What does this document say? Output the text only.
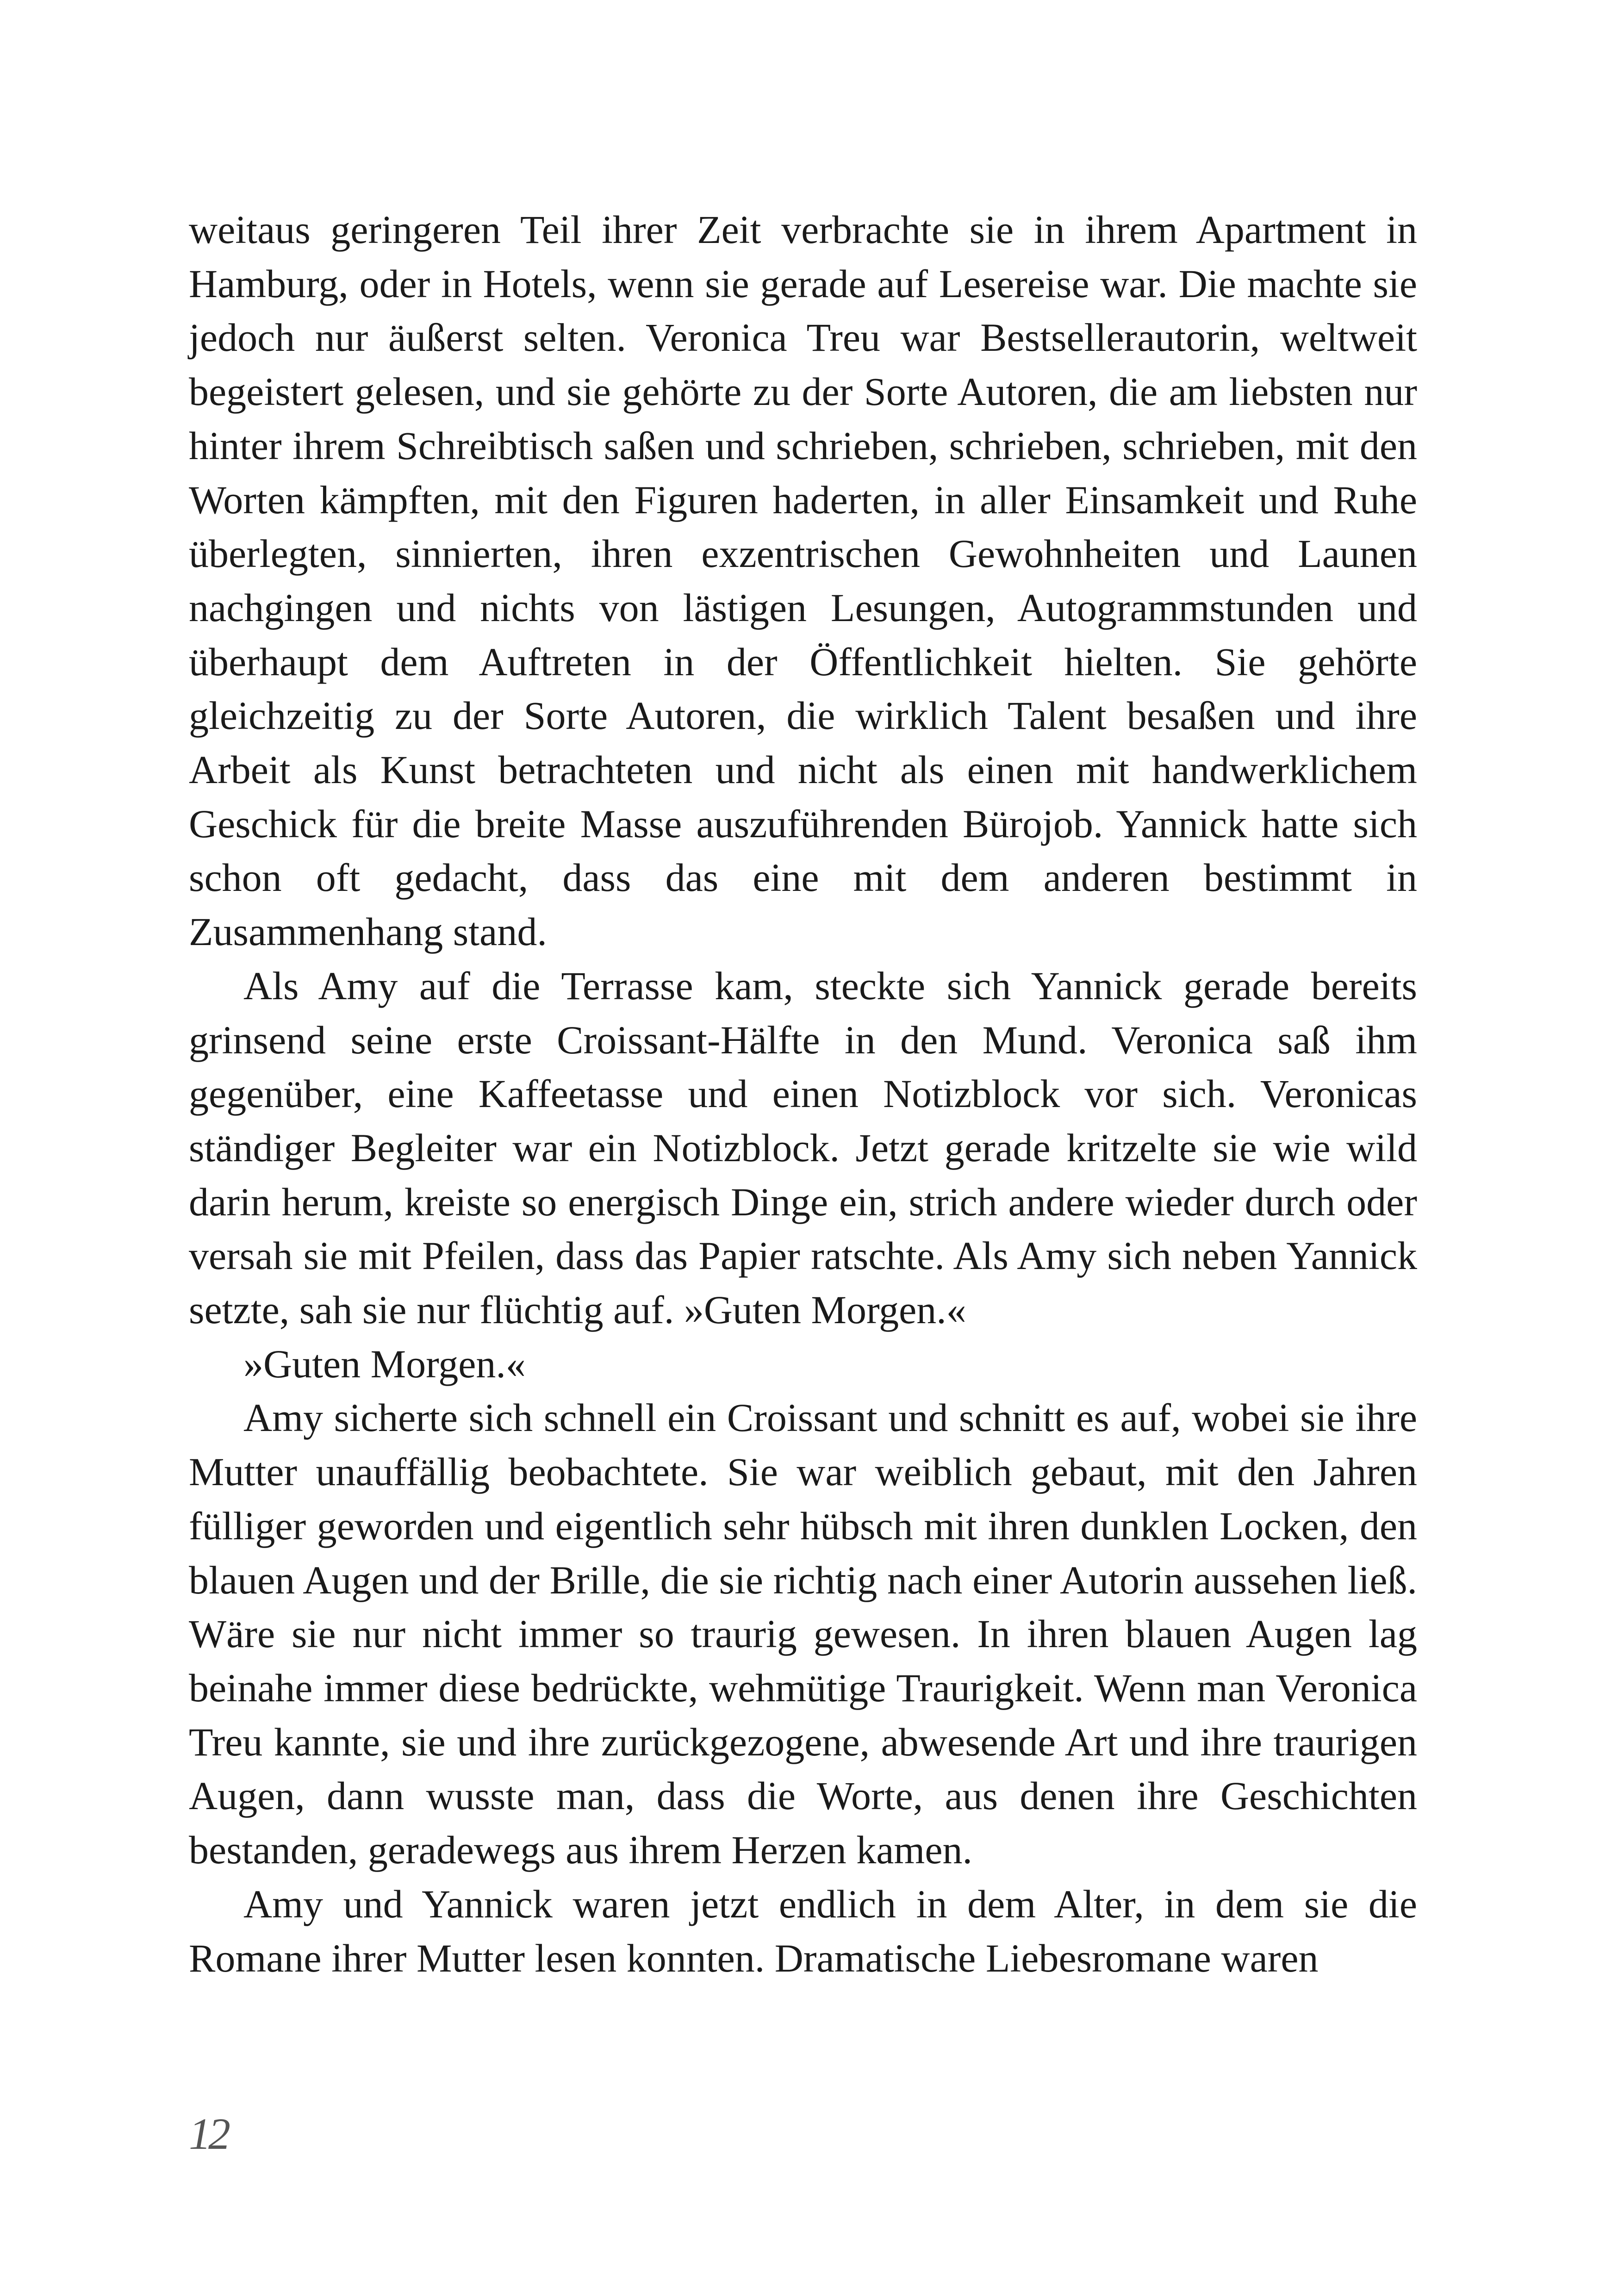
weitaus geringeren Teil ihrer Zeit verbrachte sie in ihrem Apartment in Hamburg, oder in Hotels, wenn sie gerade auf Lesereise war. Die machte sie jedoch nur äußerst selten. Veronica Treu war Bestsellerautorin, weltweit begeistert gelesen, und sie gehörte zu der Sorte Autoren, die am liebsten nur hinter ihrem Schreibtisch saßen und schrieben, schrieben, schrieben, mit den Worten kämpften, mit den Figuren haderten, in aller Einsamkeit und Ruhe überlegten, sinnierten, ihren exzentrischen Gewohnheiten und Launen nachgingen und nichts von lästigen Lesungen, Autogrammstunden und überhaupt dem Auftreten in der Öffentlichkeit hielten. Sie gehörte gleichzeitig zu der Sorte Autoren, die wirklich Talent besaßen und ihre Arbeit als Kunst betrachteten und nicht als einen mit handwerklichem Geschick für die breite Masse auszuführenden Bürojob. Yannick hatte sich schon oft gedacht, dass das eine mit dem anderen bestimmt in Zusammenhang stand.

Als Amy auf die Terrasse kam, steckte sich Yannick gerade bereits grinsend seine erste Croissant-Hälfte in den Mund. Veronica saß ihm gegenüber, eine Kaffeetasse und einen Notizblock vor sich. Veronicas ständiger Begleiter war ein Notizblock. Jetzt gerade kritzelte sie wie wild darin herum, kreiste so energisch Dinge ein, strich andere wieder durch oder versah sie mit Pfeilen, dass das Papier ratschte. Als Amy sich neben Yannick setzte, sah sie nur flüchtig auf. »Guten Morgen.«

»Guten Morgen.«

Amy sicherte sich schnell ein Croissant und schnitt es auf, wobei sie ihre Mutter unauffällig beobachtete. Sie war weiblich gebaut, mit den Jahren fülliger geworden und eigentlich sehr hübsch mit ihren dunklen Locken, den blauen Augen und der Brille, die sie richtig nach einer Autorin aussehen ließ. Wäre sie nur nicht immer so traurig gewesen. In ihren blauen Augen lag beinahe immer diese bedrückte, wehmütige Traurigkeit. Wenn man Veronica Treu kannte, sie und ihre zurückgezogene, abwesende Art und ihre traurigen Augen, dann wusste man, dass die Worte, aus denen ihre Geschichten bestanden, geradewegs aus ihrem Herzen kamen.

Amy und Yannick waren jetzt endlich in dem Alter, in dem sie die Romane ihrer Mutter lesen konnten. Dramatische Liebesromane waren

12
